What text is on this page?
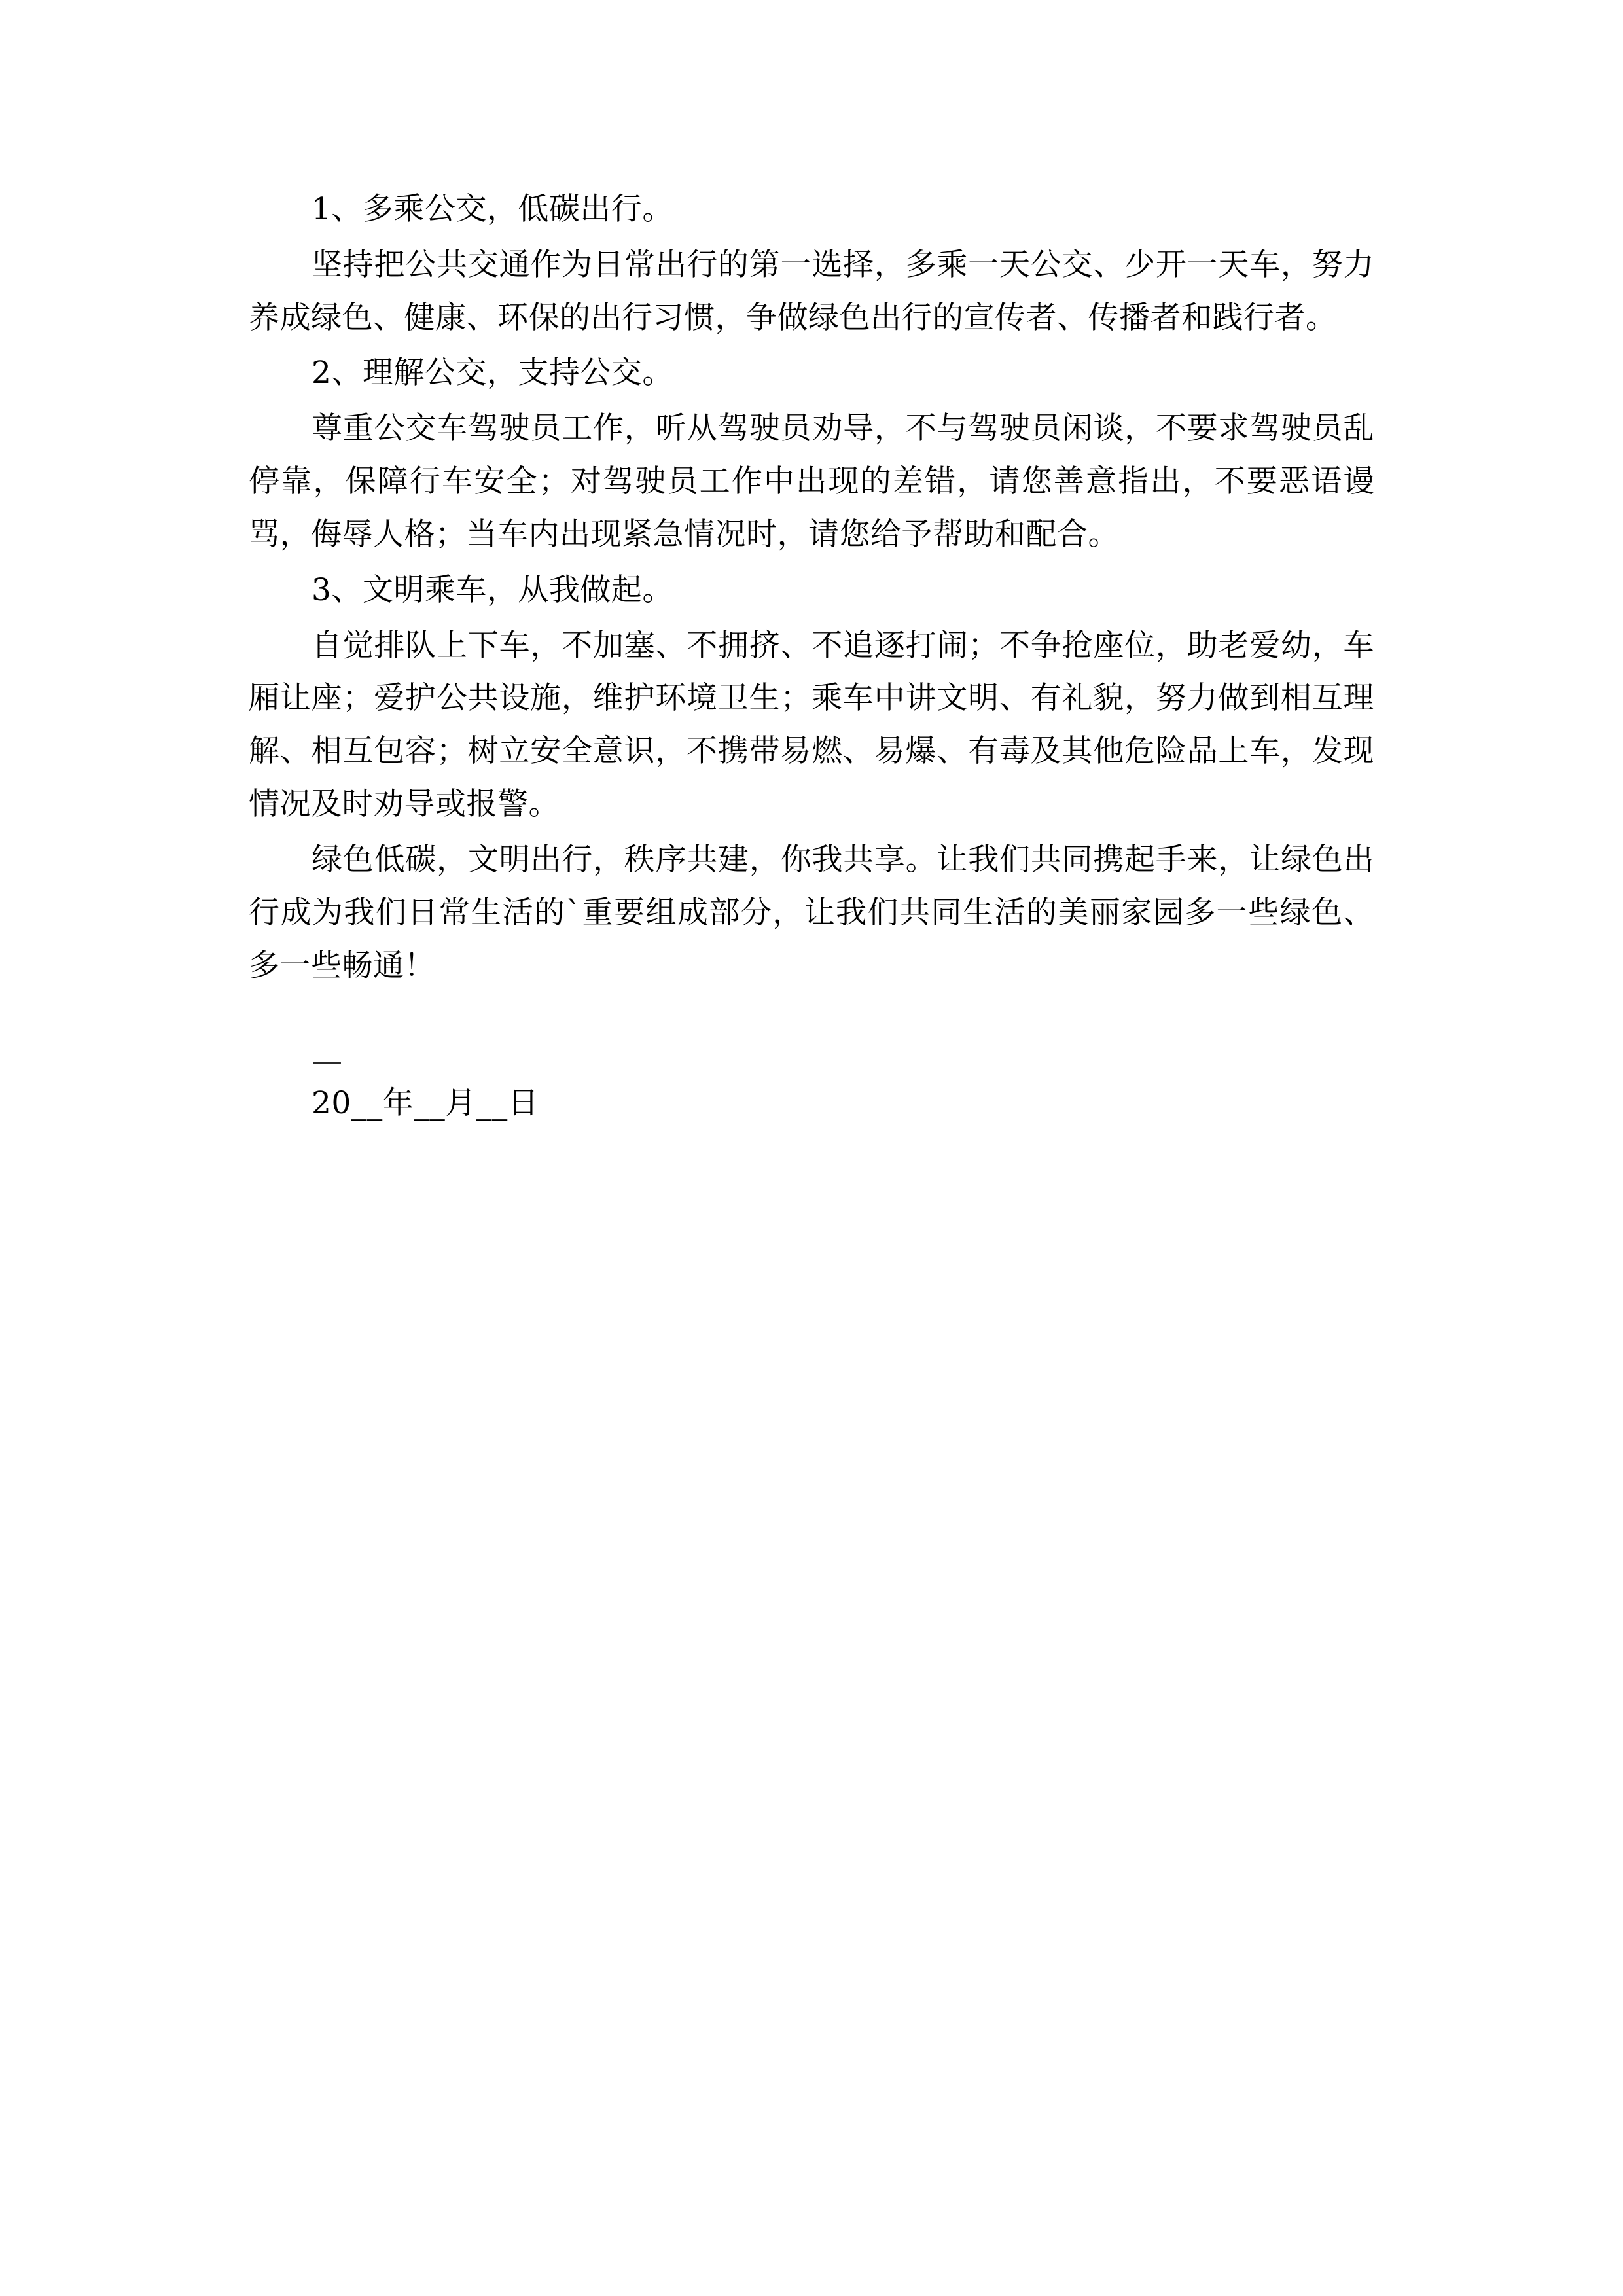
1、多乘公交，低碳出行。

坚持把公共交通作为日常出行的第一选择，多乘一天公交、少开一天车，努力养成绿色、健康、环保的出行习惯，争做绿色出行的宣传者、传播者和践行者。

2、理解公交，支持公交。

尊重公交车驾驶员工作，听从驾驶员劝导，不与驾驶员闲谈，不要求驾驶员乱停靠，保障行车安全；对驾驶员工作中出现的差错，请您善意指出，不要恶语谩骂，侮辱人格；当车内出现紧急情况时，请您给予帮助和配合。

3、文明乘车，从我做起。

自觉排队上下车，不加塞、不拥挤、不追逐打闹；不争抢座位，助老爱幼，车厢让座；爱护公共设施，维护环境卫生；乘车中讲文明、有礼貌，努力做到相互理解、相互包容；树立安全意识，不携带易燃、易爆、有毒及其他危险品上车，发现情况及时劝导或报警。

绿色低碳，文明出行，秩序共建，你我共享。让我们共同携起手来，让绿色出行成为我们日常生活的`重要组成部分，让我们共同生活的美丽家园多一些绿色、多一些畅通！

—
20__年__月__日
